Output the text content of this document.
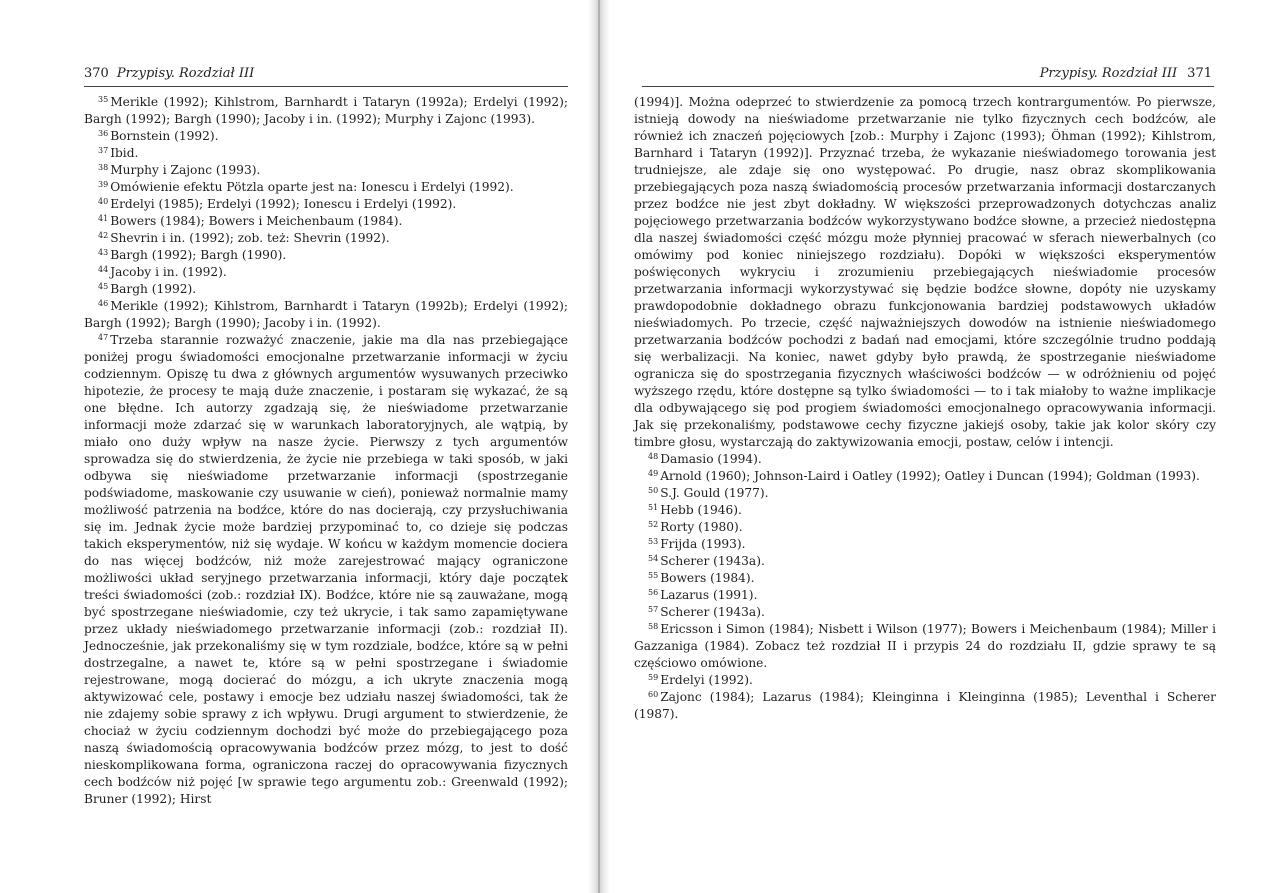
370 Przypisy. Rozdział III

$^{35}$ Merikle (1992); Kihlstrom, Barnhardt i Tataryn (1992a); Erdelyi (1992); Bargh (1992); Bargh (1990); Jacoby i in. (1992); Murphy i Zajonc (1993).

$^{36}$ Bornstein (1992).

$^{37}$ Ibid.

$^{38}$ Murphy i Zajonc (1993).

$^{39}$ Omówienie efektu Pötzla oparte jest na: Ionescu i Erdelyi (1992).

$^{40}$ Erdelyi (1985); Erdelyi (1992); Ionescu i Erdelyi (1992).

$^{41}$ Bowers (1984); Bowers i Meichenbaum (1984).

$^{42}$ Shevrin i in. (1992); zob. też: Shevrin (1992).

$^{43}$ Bargh (1992); Bargh (1990).

$^{44}$ Jacoby i in. (1992).

$^{45}$ Bargh (1992).

$^{46}$ Merikle (1992); Kihlstrom, Barnhardt i Tataryn (1992b); Erdelyi (1992); Bargh (1992); Bargh (1990); Jacoby i in. (1992).

$^{47}$ Trzeba starannie rozważyć znaczenie, jakie ma dla nas przebiegające poniżej progu świadomości emocjonalne przetwarzanie informacji w życiu codziennym. Opiszę tu dwa z głównych argumentów wysuwanych przeciwko hipotezie, że procesy te mają duże znaczenie, i postaram się wykazać, że są one błędne. Ich autorzy zgadzają się, że nieświadome przetwarzanie informacji może zdarzać się w warunkach laboratoryjnych, ale wątpią, by miało ono duży wpływ na nasze życie. Pierwszy z tych argumentów sprowadza się do stwierdzenia, że życie nie przebiega w taki sposób, w jaki odbywa się nieświadome przetwarzanie informacji (spostrzeganie podświadome, maskowanie czy usuwanie w cień), ponieważ normalnie mamy możliwość patrzenia na bodźce, które do nas docierają, czy przysłuchiwania się im. Jednak życie może bardziej przypominać to, co dzieje się podczas takich eksperymentów, niż się wydaje. W końcu w każdym momencie dociera do nas więcej bodźców, niż może zarejestrować mający ograniczone możliwości układ seryjnego przetwarzania informacji, który daje początek treści świadomości (zob.: rozdział IX). Bodźce, które nie są zauważane, mogą być spostrzegane nieświadomie, czy też ukrycie, i tak samo zapamiętywane przez układy nieświadomego przetwarzanie informacji (zob.: rozdział II). Jednocześnie, jak przekonaliśmy się w tym rozdziale, bodźce, które są w pełni dostrzegalne, a nawet te, które są w pełni spostrzegane i świadomie rejestrowane, mogą docierać do mózgu, a ich ukryte znaczenia mogą aktywizować cele, postawy i emocje bez udziału naszej świadomości, tak że nie zdajemy sobie sprawy z ich wpływu. Drugi argument to stwierdzenie, że chociaż w życiu codziennym dochodzi być może do przebiegającego poza naszą świadomością opracowywania bodźców przez mózg, to jest to dość nieskomplikowana forma, ograniczona raczej do opracowywania fizycznych cech bodźców niż pojęć [w sprawie tego argumentu zob.: Greenwald (1992); Bruner (1992); Hirst

Przypisy. Rozdział III 371

(1994)]. Można odeprzeć to stwierdzenie za pomocą trzech kontrargumentów. Po pierwsze, istnieją dowody na nieświadome przetwarzanie nie tylko fizycznych cech bodźców, ale również ich znaczeń pojęciowych [zob.: Murphy i Zajonc (1993); Öhman (1992); Kihlstrom, Barnhard i Tataryn (1992)]. Przyznać trzeba, że wykazanie nieświadomego torowania jest trudniejsze, ale zdaje się ono występować. Po drugie, nasz obraz skomplikowania przebiegających poza naszą świadomością procesów przetwarzania informacji dostarczanych przez bodźce nie jest zbyt dokładny. W większości przeprowadzonych dotychczas analiz pojęciowego przetwarzania bodźców wykorzystywano bodźce słowne, a przecież niedostępna dla naszej świadomości część mózgu może płynniej pracować w sferach niewerbalnych (co omówimy pod koniec niniejszego rozdziału). Dopóki w większości eksperymentów poświęconych wykryciu i zrozumieniu przebiegających nieświadomie procesów przetwarzania informacji wykorzystywać się będzie bodźce słowne, dopóty nie uzyskamy prawdopodobnie dokładnego obrazu funkcjonowania bardziej podstawowych układów nieświadomych. Po trzecie, część najważniejszych dowodów na istnienie nieświadomego przetwarzania bodźców pochodzi z badań nad emocjami, które szczególnie trudno poddają się werbalizacji. Na koniec, nawet gdyby było prawdą, że spostrzeganie nieświadome ogranicza się do spostrzegania fizycznych właściwości bodźców — w odróżnieniu od pojęć wyższego rzędu, które dostępne są tylko świadomości — to i tak miałoby to ważne implikacje dla odbywającego się pod progiem świadomości emocjonalnego opracowywania informacji. Jak się przekonaliśmy, podstawowe cechy fizyczne jakiejś osoby, takie jak kolor skóry czy timbre głosu, wystarczają do zaktywizowania emocji, postaw, celów i intencji.

$^{48}$ Damasio (1994).

$^{49}$ Arnold (1960); Johnson-Laird i Oatley (1992); Oatley i Duncan (1994); Goldman (1993).

$^{50}$ S.J. Gould (1977).

$^{51}$ Hebb (1946).

$^{52}$ Rorty (1980).

$^{53}$ Frijda (1993).

$^{54}$ Scherer (1943a).

$^{55}$ Bowers (1984).

$^{56}$ Lazarus (1991).

$^{57}$ Scherer (1943a).

$^{58}$ Ericsson i Simon (1984); Nisbett i Wilson (1977); Bowers i Meichenbaum (1984); Miller i Gazzaniga (1984). Zobacz też rozdział II i przypis 24 do rozdziału II, gdzie sprawy te są częściowo omówione.

$^{59}$ Erdelyi (1992).

$^{60}$ Zajonc (1984); Lazarus (1984); Kleinginna i Kleinginna (1985); Leventhal i Scherer (1987).
